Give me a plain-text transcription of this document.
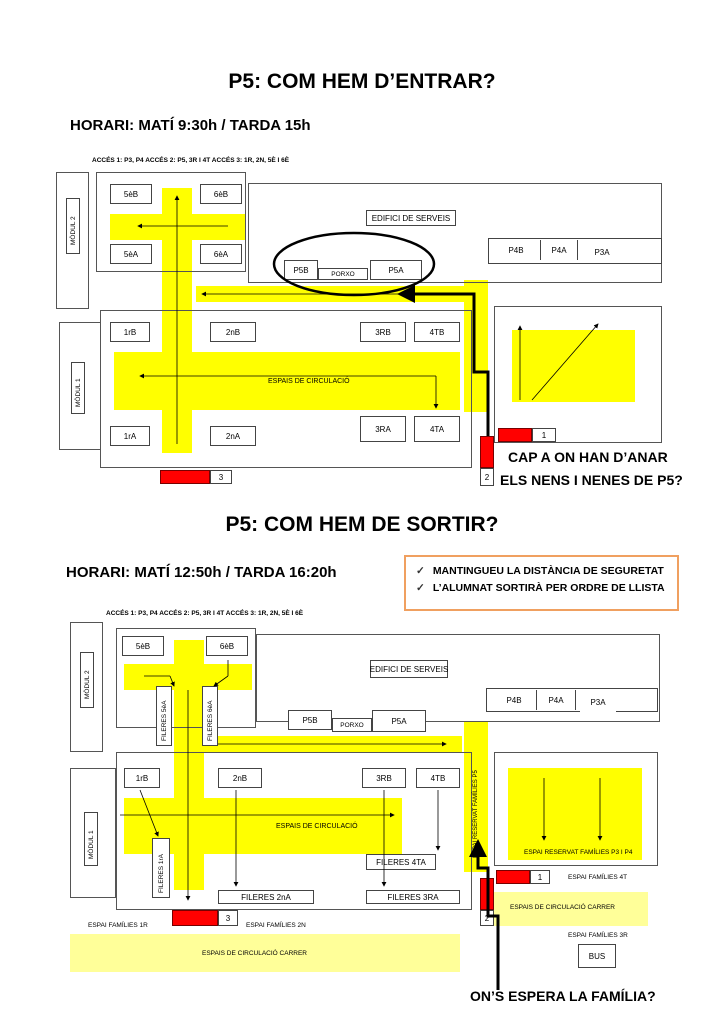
P5: COM HEM D’ENTRAR?
HORARI: MATÍ 9:30h / TARDA 15h
ACCÉS 1: P3, P4 ACCÉS 2: P5, 3R I 4T ACCÉS 3: 1R, 2N, 5È I 6È
MÒDUL 2
MÒDUL 1
5èB	6èB
5èA	6èA
EDIFICI DE SERVEIS
P4B	P4A	P3A
P5B	PORXO	P5A
1rB	2nB	3RB	4TB
1rA	2nA
3RA	4TA
ESPAIS DE CIRCULACIÓ
1
2
3
CAP A ON HAN D’ANAR
ELS NENS I NENES DE P5?
P5: COM HEM DE SORTIR?
HORARI: MATÍ 12:50h / TARDA 16:20h	✓ MANTINGUEU LA DISTÀNCIA DE SEGURETAT
✓ L’ALUMNAT SORTIRÀ PER ORDRE DE LLISTA
ACCÉS 1: P3, P4 ACCÉS 2: P5, 3R I 4T ACCÉS 3: 1R, 2N, 5È I 6È
MÒDUL 2
MÒDUL 1
5èB	6èB
FILERES 5èA	FILERES 6èA
EDIFICI DE SERVEIS
P4B	P4A	P3A
P5B
PORXO	P5A
1rB	2nB	3RB	4TB
FILERES 1rA	FILERES 4TA
FILERES 2nA	FILERES 3RA
ESPAIS DE CIRCULACIÓ	ESPAI RESERVAT FAMÍLIES P5	ESPAI RESERVAT FAMÍLIES P3 I P4
1
2
3
ESPAI FAMÍLIES 4T
ESPAIS DE CIRCULACIÓ CARRER
ESPAI FAMÍLIES 3R
ESPAI FAMÍLIES 1R	ESPAI FAMÍLIES 2N
ESPAIS DE CIRCULACIÓ CARRER	BUS
ON’S ESPERA LA FAMÍLIA?
